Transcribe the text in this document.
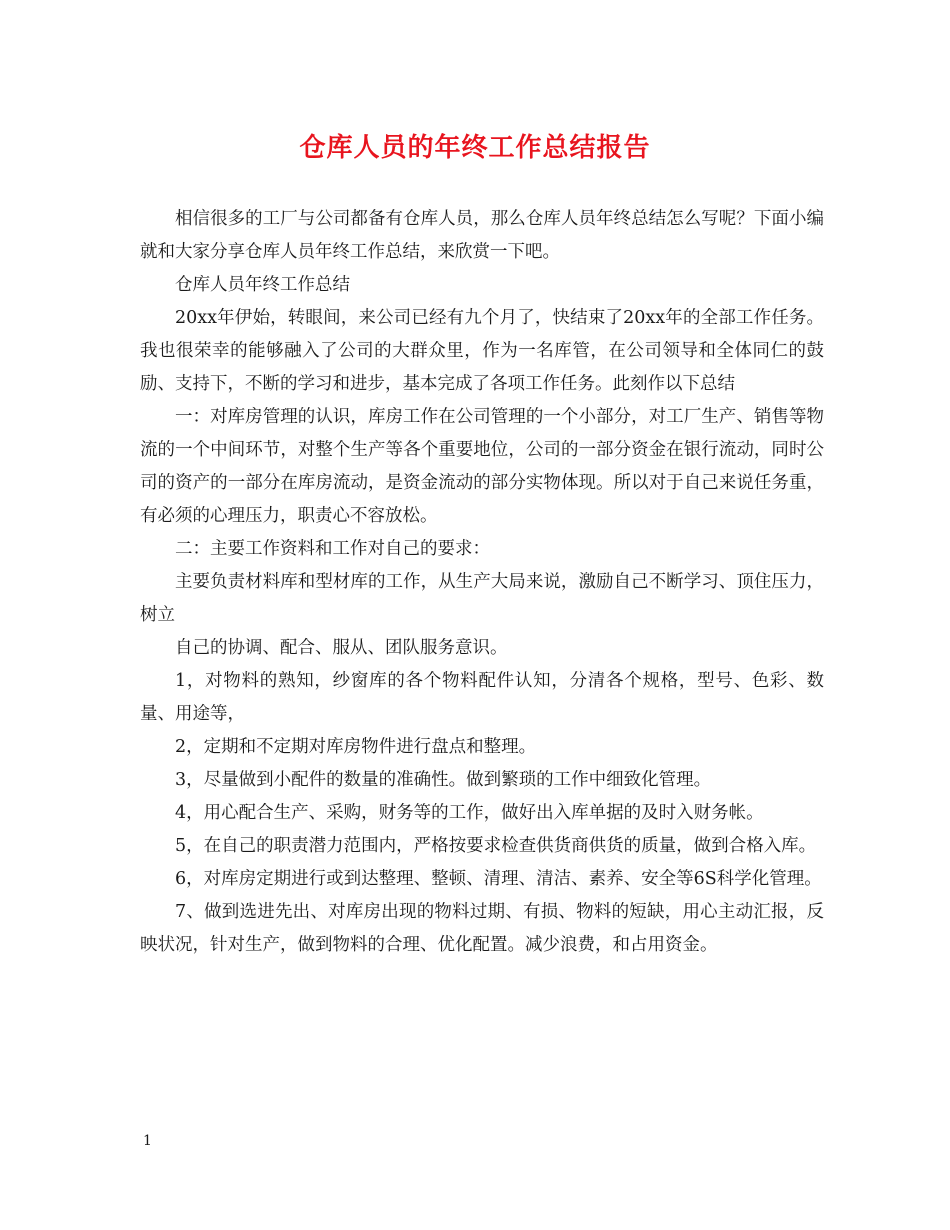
仓库人员的年终工作总结报告

相信很多的工厂与公司都备有仓库人员，那么仓库人员年终总结怎么写呢？下面小编就和大家分享仓库人员年终工作总结，来欣赏一下吧。

仓库人员年终工作总结

20xx年伊始，转眼间，来公司已经有九个月了，快结束了20xx年的全部工作任务。我也很荣幸的能够融入了公司的大群众里，作为一名库管，在公司领导和全体同仁的鼓励、支持下，不断的学习和进步，基本完成了各项工作任务。此刻作以下总结

一：对库房管理的认识，库房工作在公司管理的一个小部分，对工厂生产、销售等物流的一个中间环节，对整个生产等各个重要地位，公司的一部分资金在银行流动，同时公司的资产的一部分在库房流动，是资金流动的部分实物体现。所以对于自己来说任务重，有必须的心理压力，职责心不容放松。

二：主要工作资料和工作对自己的要求：

主要负责材料库和型材库的工作，从生产大局来说，激励自己不断学习、顶住压力，树立

自己的协调、配合、服从、团队服务意识。

1，对物料的熟知，纱窗库的各个物料配件认知，分清各个规格，型号、色彩、数量、用途等，

2，定期和不定期对库房物件进行盘点和整理。

3，尽量做到小配件的数量的准确性。做到繁琐的工作中细致化管理。

4，用心配合生产、采购，财务等的工作，做好出入库单据的及时入财务帐。

5，在自己的职责潜力范围内，严格按要求检查供货商供货的质量，做到合格入库。

6，对库房定期进行或到达整理、整顿、清理、清洁、素养、安全等6S科学化管理。

7、做到选进先出、对库房出现的物料过期、有损、物料的短缺，用心主动汇报，反映状况，针对生产，做到物料的合理、优化配置。减少浪费，和占用资金。

1
